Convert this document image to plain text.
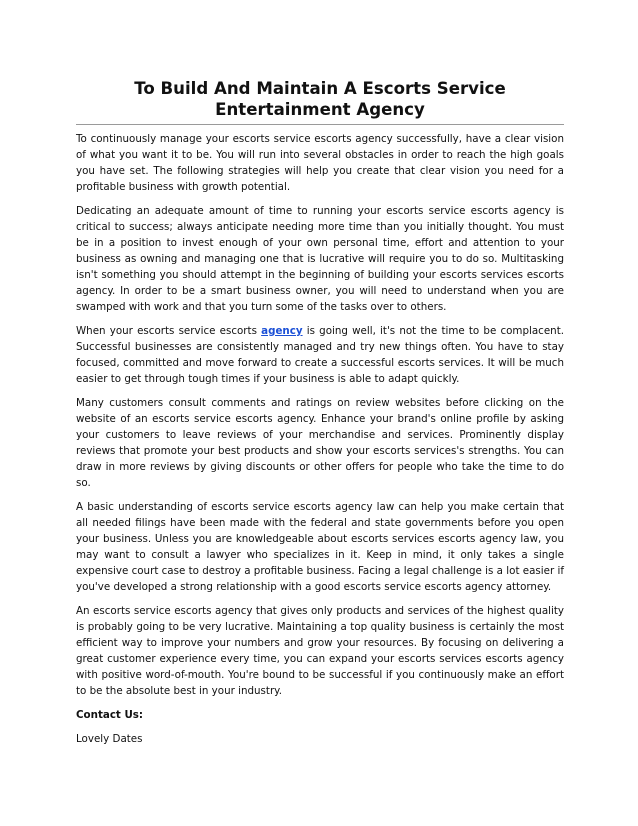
To Build And Maintain A Escorts Service
Entertainment Agency

To continuously manage your escorts service escorts agency successfully, have a clear vision of what you want it to be. You will run into several obstacles in order to reach the high goals you have set. The following strategies will help you create that clear vision you need for a profitable business with growth potential.

Dedicating an adequate amount of time to running your escorts service escorts agency is critical to success; always anticipate needing more time than you initially thought. You must be in a position to invest enough of your own personal time, effort and attention to your business as owning and managing one that is lucrative will require you to do so. Multitasking isn't something you should attempt in the beginning of building your escorts services escorts agency. In order to be a smart business owner, you will need to understand when you are swamped with work and that you turn some of the tasks over to others.

When your escorts service escorts agency is going well, it's not the time to be complacent. Successful businesses are consistently managed and try new things often. You have to stay focused, committed and move forward to create a successful escorts services. It will be much easier to get through tough times if your business is able to adapt quickly.

Many customers consult comments and ratings on review websites before clicking on the website of an escorts service escorts agency. Enhance your brand's online profile by asking your customers to leave reviews of your merchandise and services. Prominently display reviews that promote your best products and show your escorts services's strengths. You can draw in more reviews by giving discounts or other offers for people who take the time to do so.

A basic understanding of escorts service escorts agency law can help you make certain that all needed filings have been made with the federal and state governments before you open your business. Unless you are knowledgeable about escorts services escorts agency law, you may want to consult a lawyer who specializes in it. Keep in mind, it only takes a single expensive court case to destroy a profitable business. Facing a legal challenge is a lot easier if you've developed a strong relationship with a good escorts service escorts agency attorney.

An escorts service escorts agency that gives only products and services of the highest quality is probably going to be very lucrative. Maintaining a top quality business is certainly the most efficient way to improve your numbers and grow your resources. By focusing on delivering a great customer experience every time, you can expand your escorts services escorts agency with positive word-of-mouth. You're bound to be successful if you continuously make an effort to be the absolute best in your industry.

Contact Us:

Lovely Dates
